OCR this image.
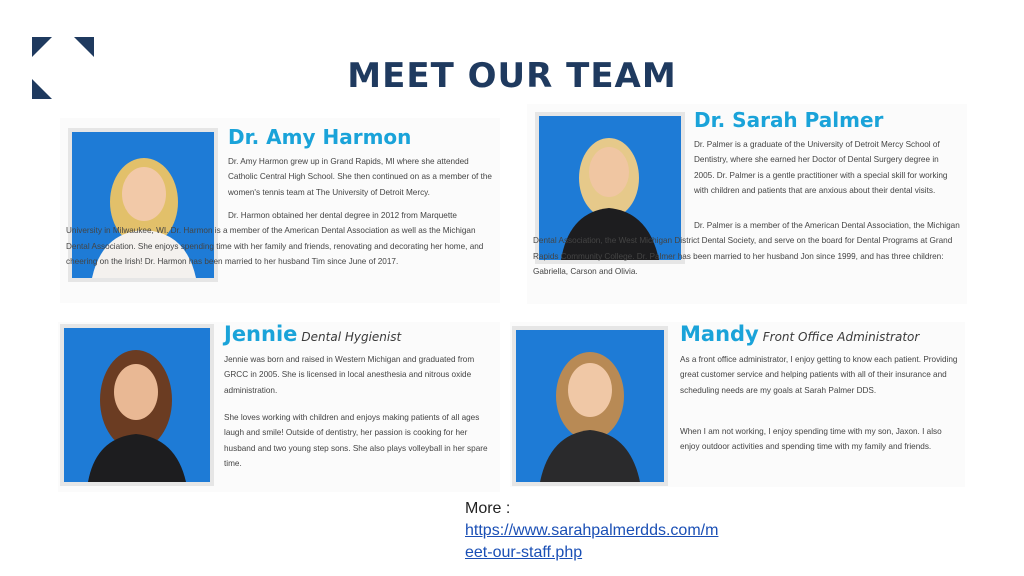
MEET OUR TEAM
Dr. Amy Harmon

Dr. Amy Harmon grew up in Grand Rapids, MI where she attended Catholic Central High School. She then continued on as a member of the women's tennis team at The University of Detroit Mercy.

Dr. Harmon obtained her dental degree in 2012 from Marquette University in Milwaukee, WI. Dr. Harmon is a member of the American Dental Association as well as the Michigan Dental Association. She enjoys spending time with her family and friends, renovating and decorating her home, and cheering on the Irish! Dr. Harmon has been married to her husband Tim since June of 2017.

Dr. Sarah Palmer

Dr. Palmer is a graduate of the University of Detroit Mercy School of Dentistry, where she earned her Doctor of Dental Surgery degree in 2005. Dr. Palmer is a gentle practitioner with a special skill for working with children and patients that are anxious about their dental visits.

Dr. Palmer is a member of the American Dental Association, the Michigan Dental Association, the West Michigan District Dental Society, and serve on the board for Dental Programs at Grand Rapids Community College. Dr. Palmer has been married to her husband Jon since 1999, and has three children: Gabriella, Carson and Olivia.

Jennie Dental Hygienist

Jennie was born and raised in Western Michigan and graduated from GRCC in 2005. She is licensed in local anesthesia and nitrous oxide administration.

She loves working with children and enjoys making patients of all ages laugh and smile! Outside of dentistry, her passion is cooking for her husband and two young step sons. She also plays volleyball in her spare time.

Mandy Front Office Administrator

As a front office administrator, I enjoy getting to know each patient. Providing great customer service and helping patients with all of their insurance and scheduling needs are my goals at Sarah Palmer DDS.

When I am not working, I enjoy spending time with my son, Jaxon. I also enjoy outdoor activities and spending time with my family and friends.

More :
https://www.sarahpalmerdds.com/meet-our-staff.php
